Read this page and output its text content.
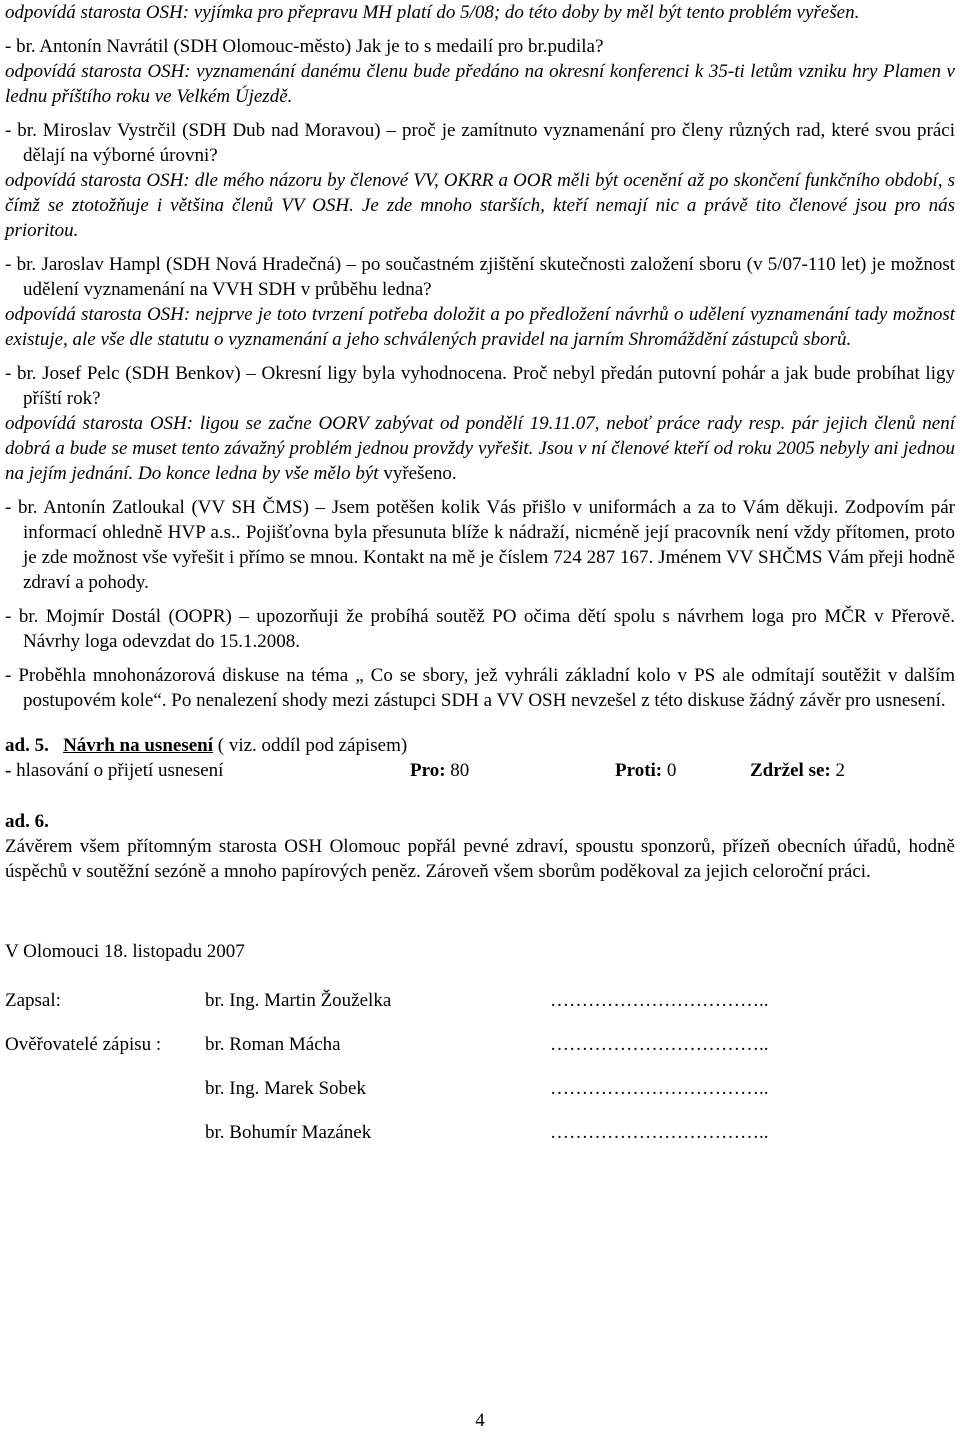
odpovídá starosta OSH: vyjímka pro přepravu MH platí do 5/08; do této doby by měl být tento problém vyřešen.

- br. Antonín Navrátil (SDH Olomouc-město) Jak je to s medailí pro br.pudila?
odpovídá starosta OSH: vyznamenání danému členu bude předáno na okresní konferenci k 35-ti letům vzniku hry Plamen v lednu příštího roku ve Velkém Újezdě.
- br. Miroslav Vystrčil (SDH Dub nad Moravou) – proč je zamítnuto vyznamenání pro členy různých rad, které svou práci dělají na výborné úrovni?
odpovídá starosta OSH: dle mého názoru by členové VV, OKRR a OOR měli být ocenění až po skončení funkčního období, s čímž se ztotožňuje i většina členů VV OSH. Je zde mnoho starších, kteří nemají nic a právě tito členové jsou pro nás prioritou.
- br. Jaroslav Hampl (SDH Nová Hradečná) – po součastném zjištění skutečnosti založení sboru (v 5/07-110 let) je možnost udělení vyznamenání na VVH SDH v průběhu ledna?
odpovídá starosta OSH: nejprve je toto tvrzení potřeba doložit a po předložení návrhů o udělení vyznamenání tady možnost existuje, ale vše dle statutu o vyznamenání a jeho schválených pravidel na jarním Shromáždění zástupců sborů.
- br. Josef Pelc (SDH Benkov) – Okresní ligy byla vyhodnocena. Proč nebyl předán putovní pohár a jak bude probíhat ligy příští rok?
odpovídá starosta OSH: ligou se začne OORV zabývat od pondělí 19.11.07, neboť práce rady resp. pár jejich členů není dobrá a bude se muset tento závažný problém jednou provždy vyřešit. Jsou v ní členové kteří od roku 2005 nebyly ani jednou na jejím jednání. Do konce ledna by vše mělo být vyřešeno.
- br. Antonín Zatloukal (VV SH ČMS) – Jsem potěšen kolik Vás přišlo v uniformách a za to Vám děkuji. Zodpovím pár informací ohledně HVP a.s.. Pojišťovna byla přesunuta blíže k nádraží, nicméně její pracovník není vždy přítomen, proto je zde možnost vše vyřešit i přímo se mnou. Kontakt na mě je číslem 724 287 167. Jménem VV SHČMS Vám přeji hodně zdraví a pohody.
- br. Mojmír Dostál (OOPR) – upozorňuji že probíhá soutěž PO očima dětí spolu s návrhem loga pro MČR v Přerově. Návrhy loga odevzdat do 15.1.2008.
- Proběhla mnohonázorová diskuse na téma „ Co se sbory, jež vyhráli základní kolo v PS ale odmítají soutěžit v dalším postupovém kole“. Po nenalezení shody mezi zástupci SDH a VV OSH nevzešel z této diskuse žádný závěr pro usnesení.
ad. 5. Návrh na usnesení ( viz. oddíl pod zápisem)
- hlasování o přijetí usnesení	Pro: 80	Proti: 0	Zdržel se: 2
ad. 6.
Závěrem všem přítomným starosta OSH Olomouc popřál pevné zdraví, spoustu sponzorů, přízeň obecních úřadů, hodně úspěchů v soutěžní sezóně a mnoho papírových peněz. Zároveň všem sborům poděkoval za jejich celoroční práci.
V Olomouci 18. listopadu 2007
Zapsal:	br. Ing. Martin Žouželka	……………………………..
Ověřovatelé zápisu : br. Roman Mácha	……………………………..
br. Ing. Marek Sobek	……………………………..
br. Bohumír Mazánek	……………………………..
4
